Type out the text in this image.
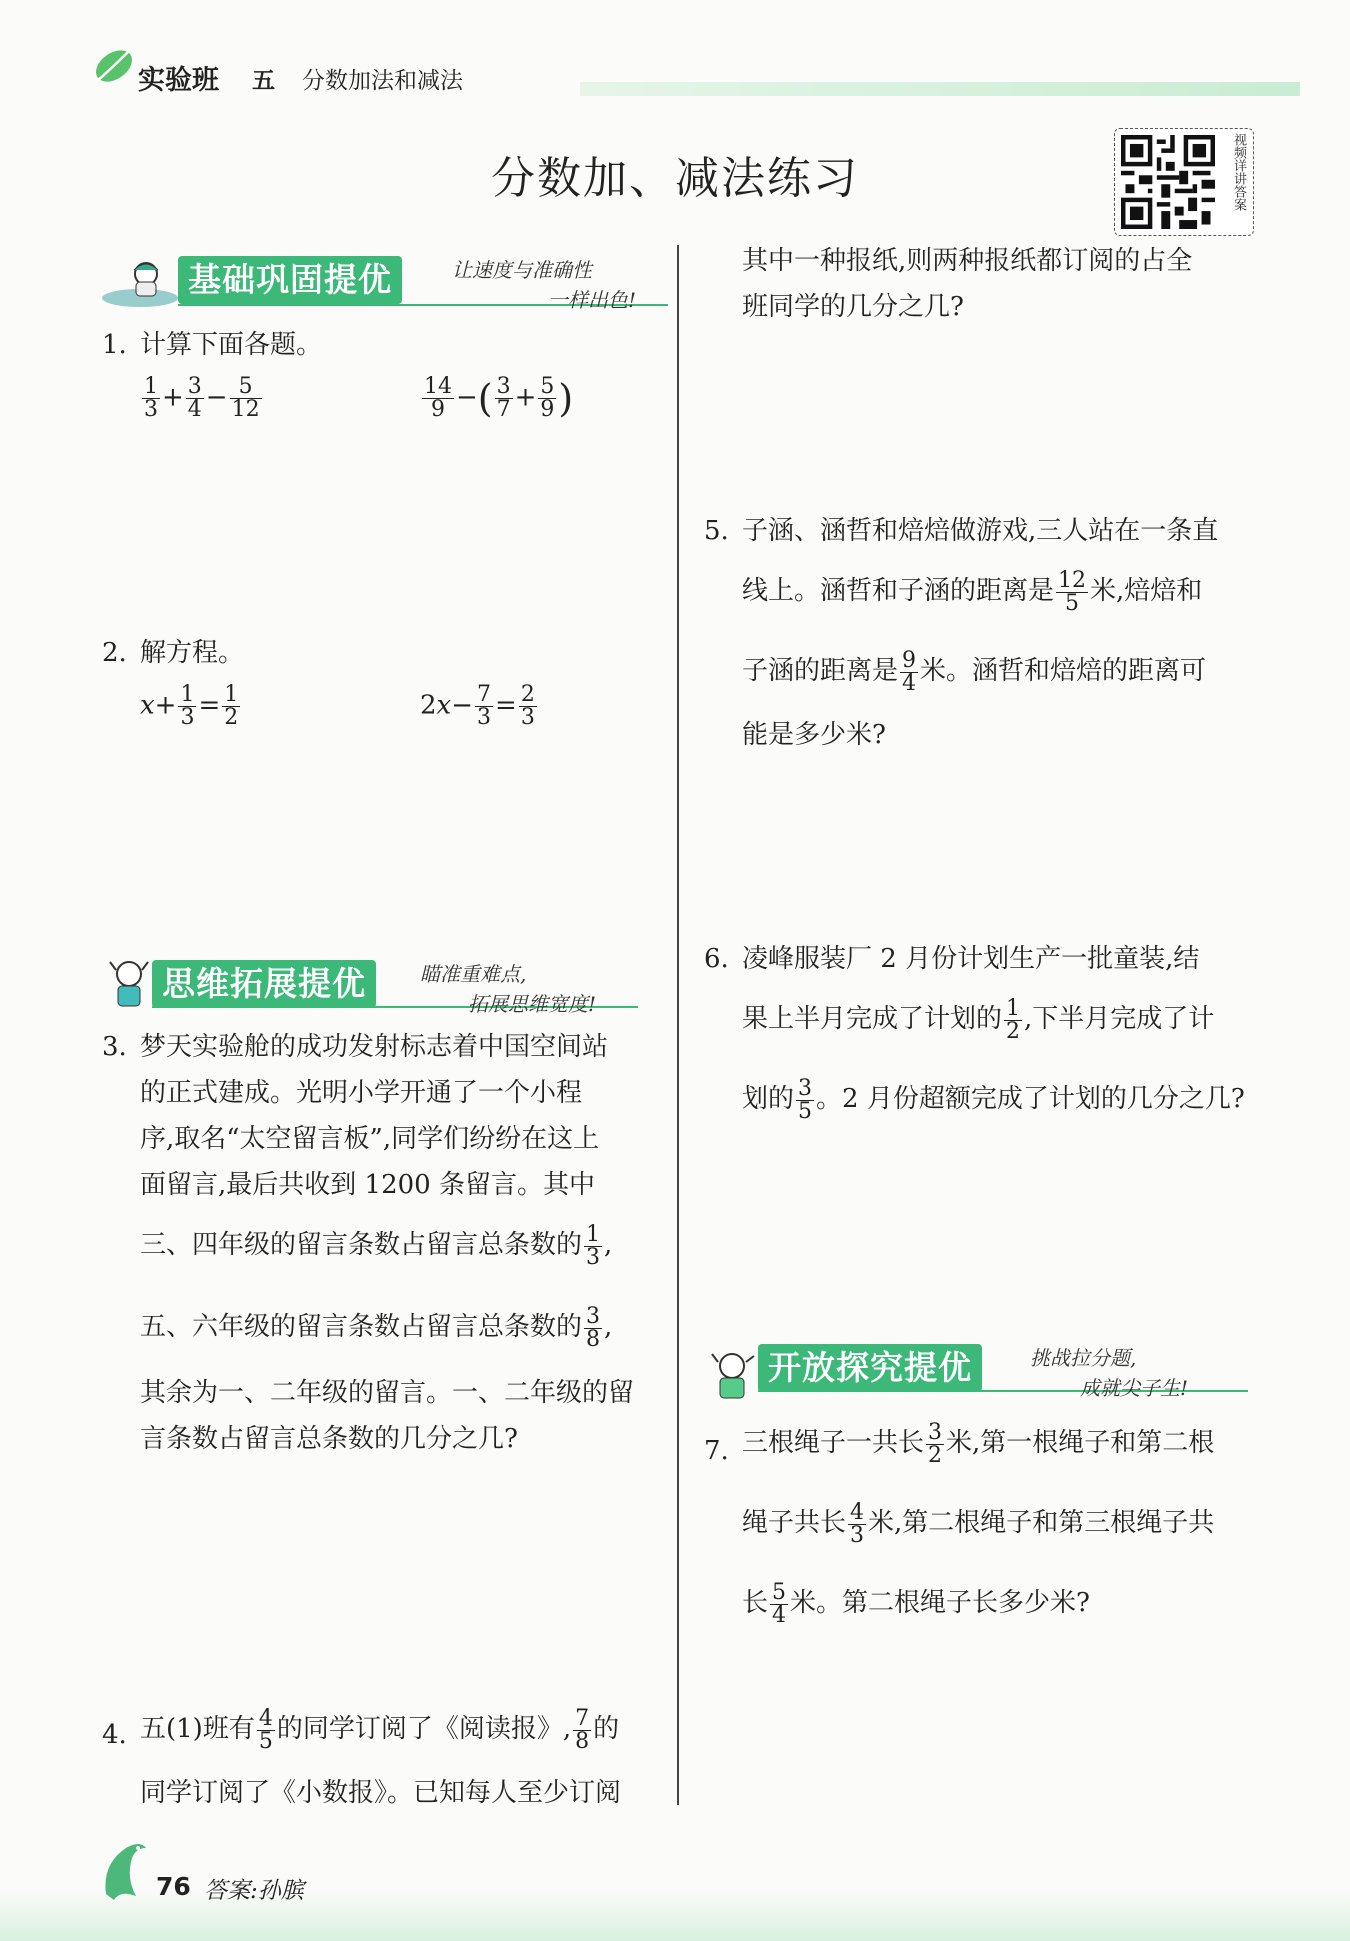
实验班 五 分数加法和减法
分数加、减法练习	视频详讲答案
基础巩固提优	让速度与准确性
一样出色!
1. 计算下面各题。
$\frac{1}{3} + \frac{3}{4} - \frac{5}{12}$	$\frac{14}{9}$ −( $\frac{3}{7} + \frac{5}{9}$ )
2. 解方程。
$x+ \frac{1}{3} = \frac{1}{2}$	$2x- \frac{7}{3} = \frac{2}{3}$
思维拓展提优	瞄准重难点,
拓展思维宽度!
3. 梦天实验舱的成功发射标志着中国空间站
的正式建成。光明小学开通了一个小程
序,取名“太空留言板”,同学们纷纷在这上
面留言,最后共收到 1200 条留言。其中
三、四年级的留言条数占留言总条数的 $\frac{1}{3}$ ,
五、六年级的留言条数占留言总条数的 $\frac{3}{8}$ ,
其余为一、二年级的留言。一、二年级的留
言条数占留言总条数的几分之几?
4. 五(1)班有 $\frac{4}{5}$ 的同学订阅了《阅读报》, $\frac{7}{8}$ 的
同学订阅了《小数报》。已知每人至少订阅
其中一种报纸,则两种报纸都订阅的占全
班同学的几分之几?
5. 子涵、涵哲和焙焙做游戏,三人站在一条直
线上。涵哲和子涵的距离是 $\frac{12}{5}$ 米,焙焙和
子涵的距离是 $\frac{9}{4}$ 米。涵哲和焙焙的距离可
能是多少米?
6. 凌峰服装厂 2 月份计划生产一批童装,结
果上半月完成了计划的 $\frac{1}{2}$ ,下半月完成了计
划的 $\frac{3}{5}$ 。2 月份超额完成了计划的几分之几?
开放探究提优	挑战拉分题,
成就尖子生!
7. 三根绳子一共长 $\frac{3}{2}$ 米,第一根绳子和第二根
绳子共长 $\frac{4}{3}$ 米,第二根绳子和第三根绳子共
长 $\frac{5}{4}$ 米。第二根绳子长多少米?
76 答案:孙膑
